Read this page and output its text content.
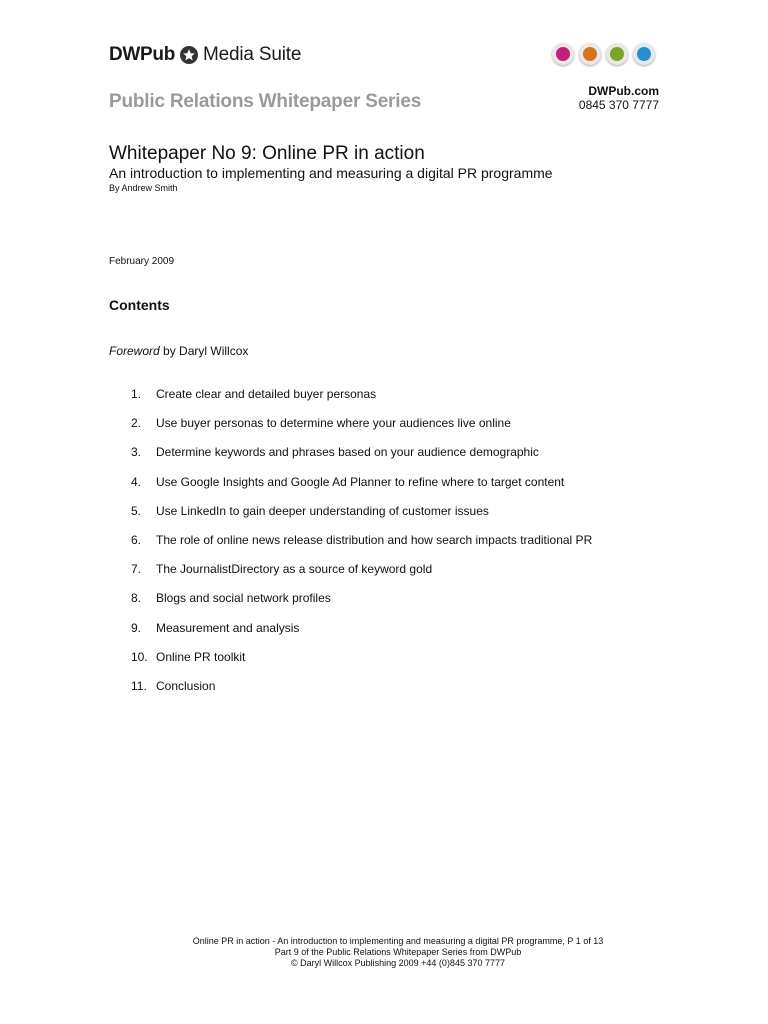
DWPub Media Suite
Public Relations Whitepaper Series	DWPub.com
0845 370 7777
Whitepaper No 9: Online PR in action
An introduction to implementing and measuring a digital PR programme
By Andrew Smith
February 2009
Contents
Foreword by Daryl Willcox
1.	Create clear and detailed buyer personas
2.	Use buyer personas to determine where your audiences live online
3.	Determine keywords and phrases based on your audience demographic
4.	Use Google Insights and Google Ad Planner to refine where to target content
5.	Use LinkedIn to gain deeper understanding of customer issues
6.	The role of online news release distribution and how search impacts traditional PR
7.	The JournalistDirectory as a source of keyword gold
8.	Blogs and social network profiles
9.	Measurement and analysis
10. Online PR toolkit
11. Conclusion
Online PR in action - An introduction to implementing and measuring a digital PR programme, P 1 of 13
Part 9 of the Public Relations Whitepaper Series from DWPub
© Daryl Willcox Publishing 2009 +44 (0)845 370 7777
